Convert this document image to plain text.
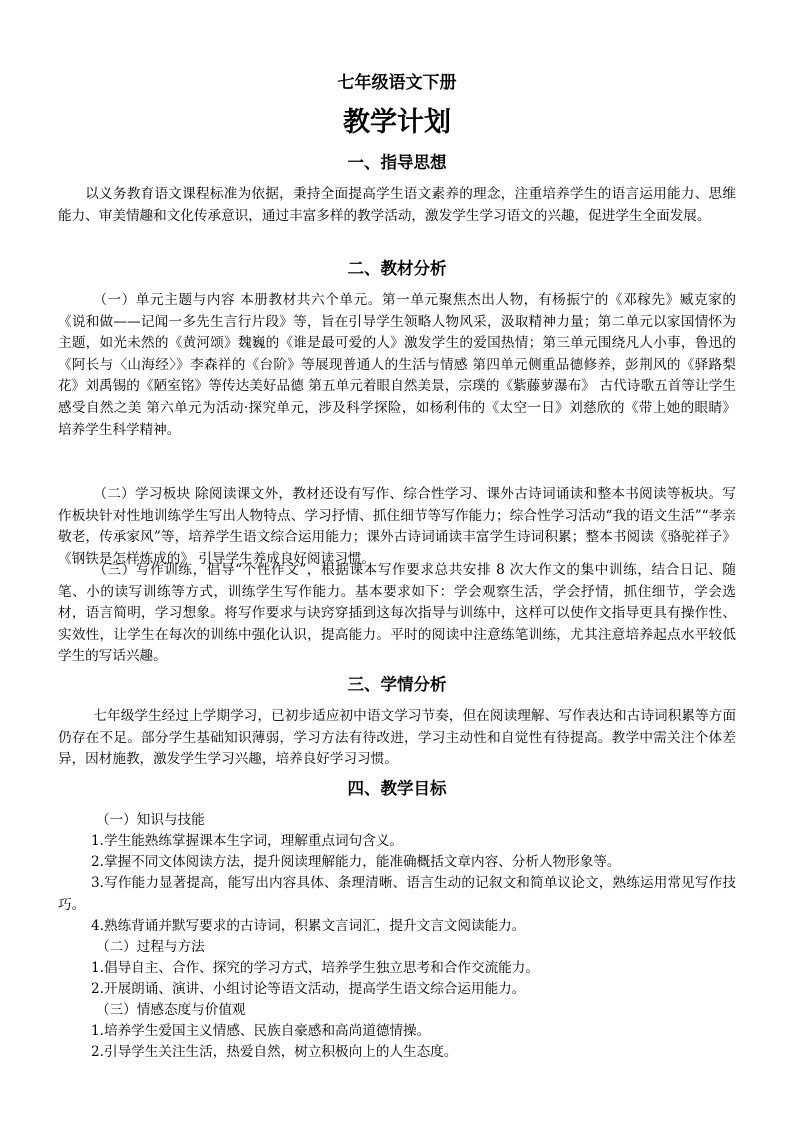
七年级语文下册
教学计划
一、指导思想

以义务教育语文课程标准为依据，秉持全面提高学生语文素养的理念，注重培养学生的语言运用能力、思维能力、审美情趣和文化传承意识，通过丰富多样的教学活动，激发学生学习语文的兴趣，促进学生全面发展。

二、教材分析

（一）单元主题与内容 本册教材共六个单元。第一单元聚焦杰出人物，有杨振宁的《邓稼先》臧克家的《说和做——记闻一多先生言行片段》等，旨在引导学生领略人物风采，汲取精神力量；第二单元以家国情怀为主题，如光未然的《黄河颂》魏巍的《谁是最可爱的人》激发学生的爱国热情；第三单元围绕凡人小事，鲁迅的《阿长与〈山海经〉》李森祥的《台阶》等展现普通人的生活与情感 第四单元侧重品德修养，彭荆风的《驿路梨花》刘禹锡的《陋室铭》等传达美好品德 第五单元着眼自然美景，宗璞的《紫藤萝瀑布》 古代诗歌五首等让学生感受自然之美 第六单元为活动·探究单元，涉及科学探险，如杨利伟的《太空一日》刘慈欣的《带上她的眼睛》 培养学生科学精神。

（二）学习板块 除阅读课文外，教材还设有写作、综合性学习、课外古诗词诵读和整本书阅读等板块。写作板块针对性地训练学生写出人物特点、学习抒情、抓住细节等写作能力；综合性学习活动“我的语文生活”“孝亲敬老，传承家风”等，培养学生语文综合运用能力；课外古诗词诵读丰富学生诗词积累；整本书阅读《骆驼祥子》《钢铁是怎样炼成的》 引导学生养成良好阅读习惯。

（三）写作训练，倡导“个性作文”，根据课本写作要求总共安排 8 次大作文的集中训练，结合日记、随笔、小的读写训练等方式，训练学生写作能力。基本要求如下：学会观察生活，学会抒情，抓住细节，学会选材，语言简明，学习想象。将写作要求与诀窍穿插到这每次指导与训练中，这样可以使作文指导更具有操作性、实效性，让学生在每次的训练中强化认识，提高能力。平时的阅读中注意练笔训练，尤其注意培养起点水平较低学生的写话兴趣。

三、学情分析

七年级学生经过上学期学习，已初步适应初中语文学习节奏，但在阅读理解、写作表达和古诗词积累等方面仍存在不足。部分学生基础知识薄弱，学习方法有待改进，学习主动性和自觉性有待提高。教学中需关注个体差异，因材施教，激发学生学习兴趣，培养良好学习习惯。

四、教学目标
（一）知识与技能
1.学生能熟练掌握课本生字词，理解重点词句含义。
2.掌握不同文体阅读方法，提升阅读理解能力，能准确概括文章内容、分析人物形象等。

3.写作能力显著提高，能写出内容具体、条理清晰、语言生动的记叙文和简单议论文，熟练运用常见写作技巧。

4.熟练背诵并默写要求的古诗词，积累文言词汇，提升文言文阅读能力。
（二）过程与方法
1.倡导自主、合作、探究的学习方式，培养学生独立思考和合作交流能力。
2.开展朗诵、演讲、小组讨论等语文活动，提高学生语文综合运用能力。
（三）情感态度与价值观
1.培养学生爱国主义情感、民族自豪感和高尚道德情操。
2.引导学生关注生活，热爱自然，树立积极向上的人生态度。
